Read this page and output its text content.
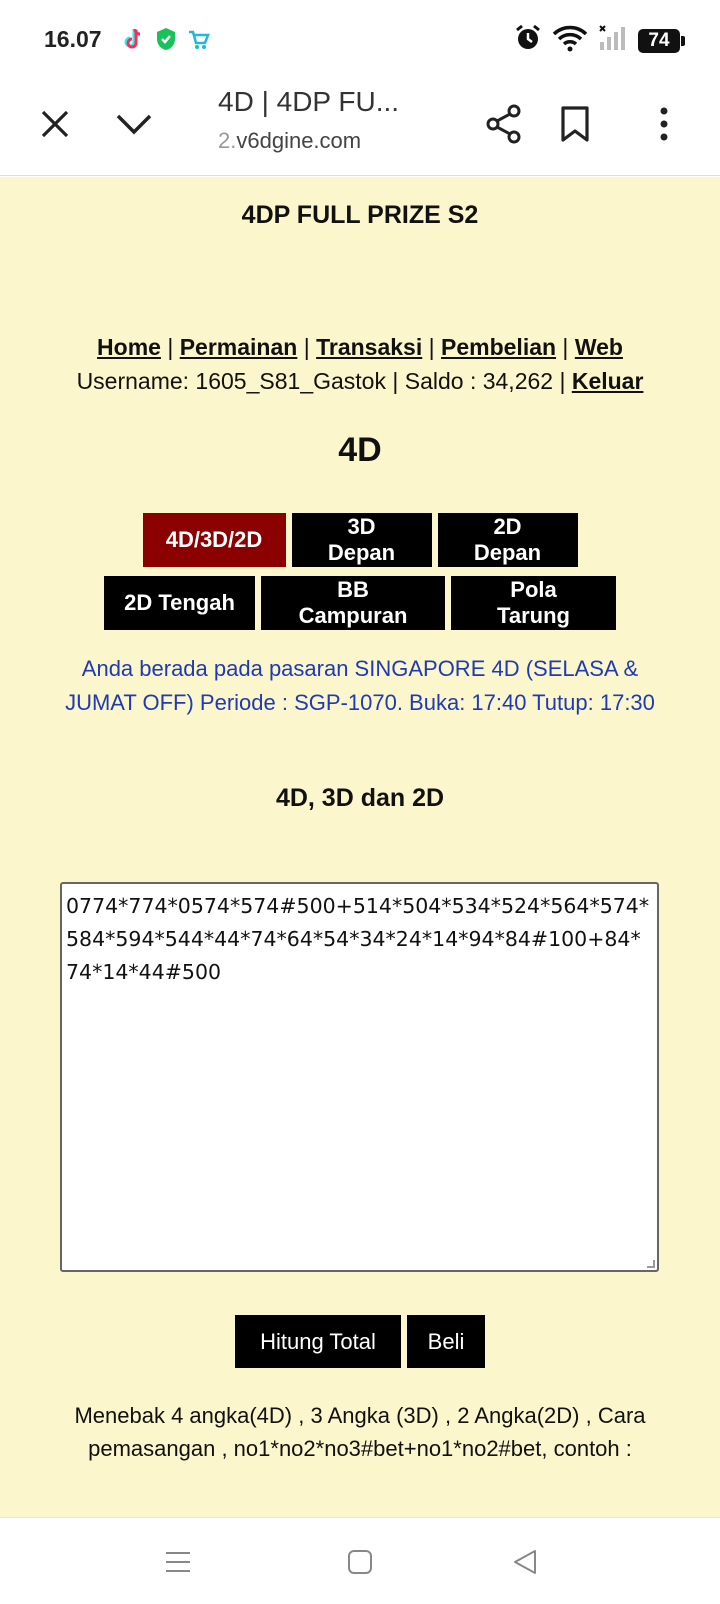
16.07	74
4D | 4DP FU...
2.v6dgine.com
4DP FULL PRIZE S2
Home | Permainan | Transaksi | Pembelian | Web
Username: 1605_S81_Gastok | Saldo : 34,262 | Keluar
4D
4D/3D/2D
3D Depan
2D Depan
2D Tengah
BB Campuran
Pola Tarung
Anda berada pada pasaran SINGAPORE 4D (SELASA & JUMAT OFF) Periode : SGP-1070. Buka: 17:40 Tutup: 17:30
4D, 3D dan 2D
0774*774*0574*574#500+514*504*534*524*564*574*584*594*544*44*74*64*54*34*24*14*94*84#100+84*74*14*44#500
Hitung Total	Beli
Menebak 4 angka(4D) , 3 Angka (3D) , 2 Angka(2D) , Cara pemasangan , no1*no2*no3#bet+no1*no2#bet, contoh :
